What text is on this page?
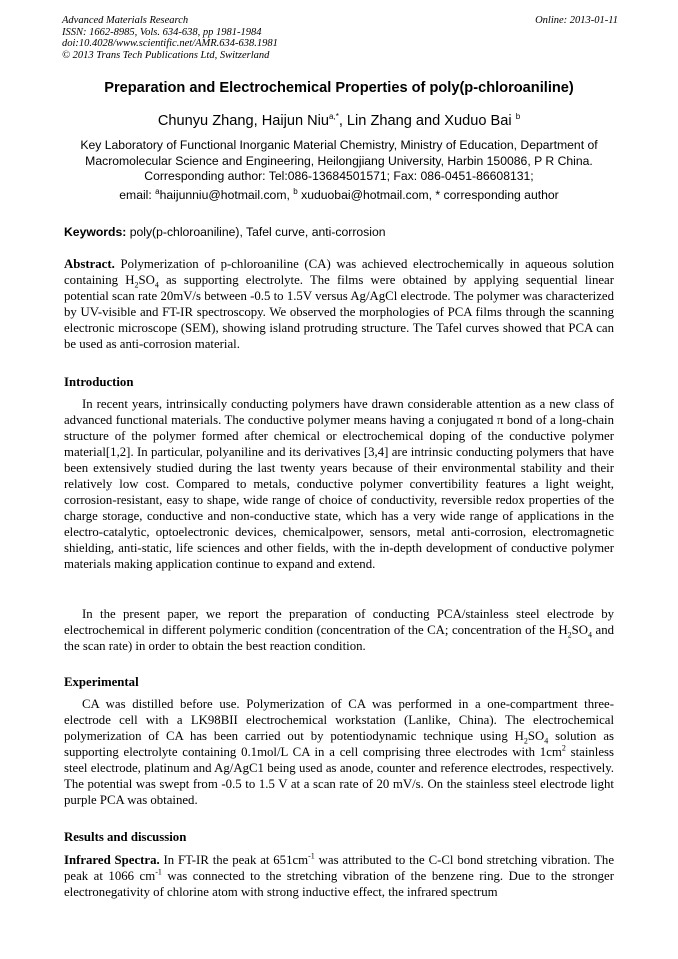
Advanced Materials Research
ISSN: 1662-8985, Vols. 634-638, pp 1981-1984
doi:10.4028/www.scientific.net/AMR.634-638.1981
© 2013 Trans Tech Publications Ltd, Switzerland
Online: 2013-01-11
Preparation and Electrochemical Properties of poly(p-chloroaniline)
Chunyu Zhang, Haijun Niu$^{a,*}$, Lin Zhang and Xuduo Bai $^b$
Key Laboratory of Functional Inorganic Material Chemistry, Ministry of Education, Department of
Macromolecular Science and Engineering, Heilongjiang University, Harbin 150086, P R China.
Corresponding author: Tel:086-13684501571; Fax: 086-0451-86608131;
email: $^a$haijunniu@hotmail.com, $^b$ xuduobai@hotmail.com, * corresponding author
Keywords: poly(p-chloroaniline), Tafel curve, anti-corrosion
Abstract. Polymerization of p-chloroaniline (CA) was achieved electrochemically in aqueous solution containing $H_2SO_4$ as supporting electrolyte. The films were obtained by applying sequential linear potential scan rate 20mV/s between -0.5 to 1.5V versus Ag/AgCl electrode. The polymer was characterized by UV-visible and FT-IR spectroscopy. We observed the morphologies of PCA films through the scanning electronic microscope (SEM), showing island protruding structure. The Tafel curves showed that PCA can be used as anti-corrosion material.
Introduction
In recent years, intrinsically conducting polymers have drawn considerable attention as a new class of advanced functional materials. The conductive polymer means having a conjugated π bond of a long-chain structure of the polymer formed after chemical or electrochemical doping of the conductive polymer material[1,2]. In particular, polyaniline and its derivatives [3,4] are intrinsic conducting polymers that have been extensively studied during the last twenty years because of their environmental stability and their relatively low cost. Compared to metals, conductive polymer convertibility features a light weight, corrosion-resistant, easy to shape, wide range of choice of conductivity, reversible redox properties of the charge storage, conductive and non-conductive state, which has a very wide range of applications in the electro-catalytic, optoelectronic devices, chemicalpower, sensors, metal anti-corrosion, electromagnetic shielding, anti-static, life sciences and other fields, with the in-depth development of conductive polymer materials making application continue to expand and extend.
In the present paper, we report the preparation of conducting PCA/stainless steel electrode by electrochemical in different polymeric condition (concentration of the CA; concentration of the $H_2SO_4$ and the scan rate) in order to obtain the best reaction condition.
Experimental
CA was distilled before use. Polymerization of CA was performed in a one-compartment three-electrode cell with a LK98BII electrochemical workstation (Lanlike, China). The electrochemical polymerization of CA has been carried out by potentiodynamic technique using $H_2SO_4$ solution as supporting electrolyte containing 0.1mol/L CA in a cell comprising three electrodes with $1cm^2$ stainless steel electrode, platinum and Ag/AgC1 being used as anode, counter and reference electrodes, respectively. The potential was swept from -0.5 to 1.5 V at a scan rate of 20 mV/s. On the stainless steel electrode light purple PCA was obtained.
Results and discussion
Infrared Spectra. In FT-IR the peak at $651cm^{-1}$ was attributed to the C-Cl bond stretching vibration. The peak at 1066 $cm^{-1}$ was connected to the stretching vibration of the benzene ring. Due to the stronger electronegativity of chlorine atom with strong inductive effect, the infrared spectrum
